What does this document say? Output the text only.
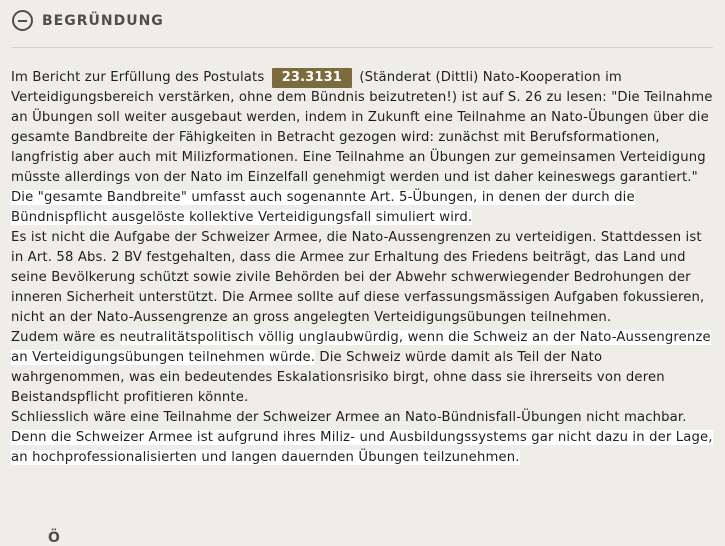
BEGRÜNDUNG

Im Bericht zur Erfüllung des Postulats 23.3131 (Ständerat (Dittli) Nato-Kooperation im Verteidigungsbereich verstärken, ohne dem Bündnis beizutreten!) ist auf S. 26 zu lesen: "Die Teilnahme an Übungen soll weiter ausgebaut werden, indem in Zukunft eine Teilnahme an Nato-Übungen über die gesamte Bandbreite der Fähigkeiten in Betracht gezogen wird: zunächst mit Berufsformationen, langfristig aber auch mit Milizformationen. Eine Teilnahme an Übungen zur gemeinsamen Verteidigung müsste allerdings von der Nato im Einzelfall genehmigt werden und ist daher keineswegs garantiert." Die "gesamte Bandbreite" umfasst auch sogenannte Art. 5-Übungen, in denen der durch die Bündnispflicht ausgelöste kollektive Verteidigungsfall simuliert wird.

Es ist nicht die Aufgabe der Schweizer Armee, die Nato-Aussengrenzen zu verteidigen. Stattdessen ist in Art. 58 Abs. 2 BV festgehalten, dass die Armee zur Erhaltung des Friedens beiträgt, das Land und seine Bevölkerung schützt sowie zivile Behörden bei der Abwehr schwerwiegender Bedrohungen der inneren Sicherheit unterstützt. Die Armee sollte auf diese verfassungsmässigen Aufgaben fokussieren, nicht an der Nato-Aussengrenze an gross angelegten Verteidigungsübungen teilnehmen.

Zudem wäre es neutralitätspolitisch völlig unglaubwürdig, wenn die Schweiz an der Nato-Aussengrenze an Verteidigungsübungen teilnehmen würde. Die Schweiz würde damit als Teil der Nato wahrgenommen, was ein bedeutendes Eskalationsrisiko birgt, ohne dass sie ihrerseits von deren Beistandspflicht profitieren könnte.

Schliesslich wäre eine Teilnahme der Schweizer Armee an Nato-Bündnisfall-Übungen nicht machbar. Denn die Schweizer Armee ist aufgrund ihres Miliz- und Ausbildungssystems gar nicht dazu in der Lage, an hochprofessionalisierten und langen dauernden Übungen teilzunehmen.

Ö
